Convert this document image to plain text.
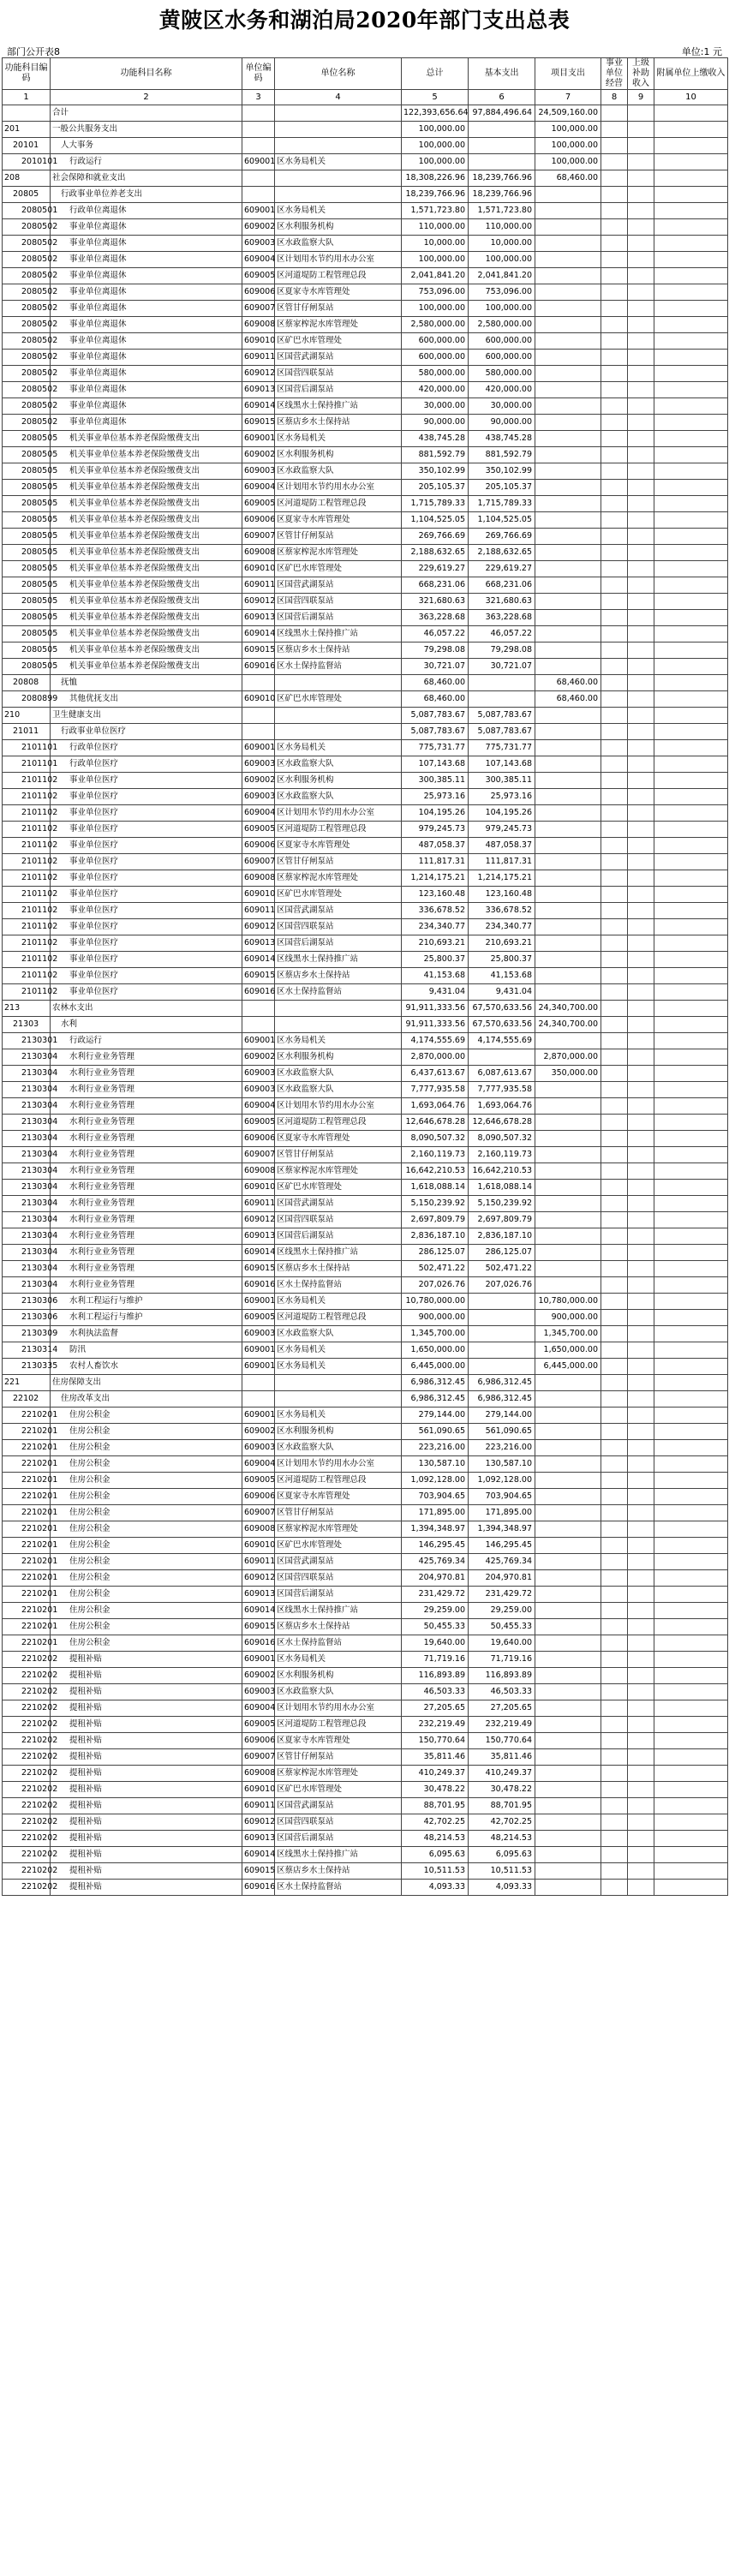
黄陂区水务和湖泊局2020年部门支出总表
部门公开表8	单位:1 元
功能科目编码	功能科目名称	单位编码	单位名称	总计	基本支出	项目支出	事业单位经营	上级补助收入	附属单位上缴收入
1	2	3	4	5	6	7	8	9	10
	合计			122,393,656.64	97,884,496.64	24,509,160.00			
201	一般公共服务支出			100,000.00		100,000.00			
20101	人大事务			100,000.00		100,000.00			
2010101	行政运行	609001	区水务局机关	100,000.00		100,000.00			
208	社会保障和就业支出			18,308,226.96	18,239,766.96	68,460.00			
20805	行政事业单位养老支出			18,239,766.96	18,239,766.96				
2080501	行政单位离退休	609001	区水务局机关	1,571,723.80	1,571,723.80				
2080502	事业单位离退休	609002	区水利服务机构	110,000.00	110,000.00				
2080502	事业单位离退休	609003	区水政监察大队	10,000.00	10,000.00				
2080502	事业单位离退休	609004	区计划用水节约用水办公室	100,000.00	100,000.00				
2080502	事业单位离退休	609005	区河道堤防工程管理总段	2,041,841.20	2,041,841.20				
2080502	事业单位离退休	609006	区夏家寺水库管理处	753,096.00	753,096.00				
2080502	事业单位离退休	609007	区管甘仔闸泵站	100,000.00	100,000.00				
2080502	事业单位离退休	609008	区蔡家榨泥水库管理处	2,580,000.00	2,580,000.00				
2080502	事业单位离退休	609010	区矿巴水库管理处	600,000.00	600,000.00				
2080502	事业单位离退休	609011	区国营武湖泵站	600,000.00	600,000.00				
2080502	事业单位离退休	609012	区国营四联泵站	580,000.00	580,000.00				
2080502	事业单位离退休	609013	区国营后湖泵站	420,000.00	420,000.00				
2080502	事业单位离退休	609014	区线黑水土保持推广站	30,000.00	30,000.00				
2080502	事业单位离退休	609015	区蔡店乡水土保持站	90,000.00	90,000.00				
2080505	机关事业单位基本养老保险缴费支出	609001	区水务局机关	438,745.28	438,745.28				
2080505	机关事业单位基本养老保险缴费支出	609002	区水利服务机构	881,592.79	881,592.79				
2080505	机关事业单位基本养老保险缴费支出	609003	区水政监察大队	350,102.99	350,102.99				
2080505	机关事业单位基本养老保险缴费支出	609004	区计划用水节约用水办公室	205,105.37	205,105.37				
2080505	机关事业单位基本养老保险缴费支出	609005	区河道堤防工程管理总段	1,715,789.33	1,715,789.33				
2080505	机关事业单位基本养老保险缴费支出	609006	区夏家寺水库管理处	1,104,525.05	1,104,525.05				
2080505	机关事业单位基本养老保险缴费支出	609007	区管甘仔闸泵站	269,766.69	269,766.69				
2080505	机关事业单位基本养老保险缴费支出	609008	区蔡家榨泥水库管理处	2,188,632.65	2,188,632.65				
2080505	机关事业单位基本养老保险缴费支出	609010	区矿巴水库管理处	229,619.27	229,619.27				
2080505	机关事业单位基本养老保险缴费支出	609011	区国营武湖泵站	668,231.06	668,231.06				
2080505	机关事业单位基本养老保险缴费支出	609012	区国营四联泵站	321,680.63	321,680.63				
2080505	机关事业单位基本养老保险缴费支出	609013	区国营后湖泵站	363,228.68	363,228.68				
2080505	机关事业单位基本养老保险缴费支出	609014	区线黑水土保持推广站	46,057.22	46,057.22				
2080505	机关事业单位基本养老保险缴费支出	609015	区蔡店乡水土保持站	79,298.08	79,298.08				
2080505	机关事业单位基本养老保险缴费支出	609016	区水土保持监督站	30,721.07	30,721.07				
20808	抚恤			68,460.00		68,460.00			
2080899	其他优抚支出	609010	区矿巴水库管理处	68,460.00		68,460.00			
210	卫生健康支出			5,087,783.67	5,087,783.67				
21011	行政事业单位医疗			5,087,783.67	5,087,783.67				
2101101	行政单位医疗	609001	区水务局机关	775,731.77	775,731.77				
2101101	行政单位医疗	609003	区水政监察大队	107,143.68	107,143.68				
2101102	事业单位医疗	609002	区水利服务机构	300,385.11	300,385.11				
2101102	事业单位医疗	609003	区水政监察大队	25,973.16	25,973.16				
2101102	事业单位医疗	609004	区计划用水节约用水办公室	104,195.26	104,195.26				
2101102	事业单位医疗	609005	区河道堤防工程管理总段	979,245.73	979,245.73				
2101102	事业单位医疗	609006	区夏家寺水库管理处	487,058.37	487,058.37				
2101102	事业单位医疗	609007	区管甘仔闸泵站	111,817.31	111,817.31				
2101102	事业单位医疗	609008	区蔡家榨泥水库管理处	1,214,175.21	1,214,175.21				
2101102	事业单位医疗	609010	区矿巴水库管理处	123,160.48	123,160.48				
2101102	事业单位医疗	609011	区国营武湖泵站	336,678.52	336,678.52				
2101102	事业单位医疗	609012	区国营四联泵站	234,340.77	234,340.77				
2101102	事业单位医疗	609013	区国营后湖泵站	210,693.21	210,693.21				
2101102	事业单位医疗	609014	区线黑水土保持推广站	25,800.37	25,800.37				
2101102	事业单位医疗	609015	区蔡店乡水土保持站	41,153.68	41,153.68				
2101102	事业单位医疗	609016	区水土保持监督站	9,431.04	9,431.04				
213	农林水支出			91,911,333.56	67,570,633.56	24,340,700.00			
21303	水利			91,911,333.56	67,570,633.56	24,340,700.00			
2130301	行政运行	609001	区水务局机关	4,174,555.69	4,174,555.69				
2130304	水利行业业务管理	609002	区水利服务机构	2,870,000.00		2,870,000.00			
2130304	水利行业业务管理	609003	区水政监察大队	6,437,613.67	6,087,613.67	350,000.00			
2130304	水利行业业务管理	609003	区水政监察大队	7,777,935.58	7,777,935.58				
2130304	水利行业业务管理	609004	区计划用水节约用水办公室	1,693,064.76	1,693,064.76				
2130304	水利行业业务管理	609005	区河道堤防工程管理总段	12,646,678.28	12,646,678.28				
2130304	水利行业业务管理	609006	区夏家寺水库管理处	8,090,507.32	8,090,507.32				
2130304	水利行业业务管理	609007	区管甘仔闸泵站	2,160,119.73	2,160,119.73				
2130304	水利行业业务管理	609008	区蔡家榨泥水库管理处	16,642,210.53	16,642,210.53				
2130304	水利行业业务管理	609010	区矿巴水库管理处	1,618,088.14	1,618,088.14				
2130304	水利行业业务管理	609011	区国营武湖泵站	5,150,239.92	5,150,239.92				
2130304	水利行业业务管理	609012	区国营四联泵站	2,697,809.79	2,697,809.79				
2130304	水利行业业务管理	609013	区国营后湖泵站	2,836,187.10	2,836,187.10				
2130304	水利行业业务管理	609014	区线黑水土保持推广站	286,125.07	286,125.07				
2130304	水利行业业务管理	609015	区蔡店乡水土保持站	502,471.22	502,471.22				
2130304	水利行业业务管理	609016	区水土保持监督站	207,026.76	207,026.76				
2130306	水利工程运行与维护	609001	区水务局机关	10,780,000.00		10,780,000.00			
2130306	水利工程运行与维护	609005	区河道堤防工程管理总段	900,000.00		900,000.00			
2130309	水利执法监督	609003	区水政监察大队	1,345,700.00		1,345,700.00			
2130314	防汛	609001	区水务局机关	1,650,000.00		1,650,000.00			
2130335	农村人畜饮水	609001	区水务局机关	6,445,000.00		6,445,000.00			
221	住房保障支出			6,986,312.45	6,986,312.45				
22102	住房改革支出			6,986,312.45	6,986,312.45				
2210201	住房公积金	609001	区水务局机关	279,144.00	279,144.00				
2210201	住房公积金	609002	区水利服务机构	561,090.65	561,090.65				
2210201	住房公积金	609003	区水政监察大队	223,216.00	223,216.00				
2210201	住房公积金	609004	区计划用水节约用水办公室	130,587.10	130,587.10				
2210201	住房公积金	609005	区河道堤防工程管理总段	1,092,128.00	1,092,128.00				
2210201	住房公积金	609006	区夏家寺水库管理处	703,904.65	703,904.65				
2210201	住房公积金	609007	区管甘仔闸泵站	171,895.00	171,895.00				
2210201	住房公积金	609008	区蔡家榨泥水库管理处	1,394,348.97	1,394,348.97				
2210201	住房公积金	609010	区矿巴水库管理处	146,295.45	146,295.45				
2210201	住房公积金	609011	区国营武湖泵站	425,769.34	425,769.34				
2210201	住房公积金	609012	区国营四联泵站	204,970.81	204,970.81				
2210201	住房公积金	609013	区国营后湖泵站	231,429.72	231,429.72				
2210201	住房公积金	609014	区线黑水土保持推广站	29,259.00	29,259.00				
2210201	住房公积金	609015	区蔡店乡水土保持站	50,455.33	50,455.33				
2210201	住房公积金	609016	区水土保持监督站	19,640.00	19,640.00				
2210202	提租补贴	609001	区水务局机关	71,719.16	71,719.16				
2210202	提租补贴	609002	区水利服务机构	116,893.89	116,893.89				
2210202	提租补贴	609003	区水政监察大队	46,503.33	46,503.33				
2210202	提租补贴	609004	区计划用水节约用水办公室	27,205.65	27,205.65				
2210202	提租补贴	609005	区河道堤防工程管理总段	232,219.49	232,219.49				
2210202	提租补贴	609006	区夏家寺水库管理处	150,770.64	150,770.64				
2210202	提租补贴	609007	区管甘仔闸泵站	35,811.46	35,811.46				
2210202	提租补贴	609008	区蔡家榨泥水库管理处	410,249.37	410,249.37				
2210202	提租补贴	609010	区矿巴水库管理处	30,478.22	30,478.22				
2210202	提租补贴	609011	区国营武湖泵站	88,701.95	88,701.95				
2210202	提租补贴	609012	区国营四联泵站	42,702.25	42,702.25				
2210202	提租补贴	609013	区国营后湖泵站	48,214.53	48,214.53				
2210202	提租补贴	609014	区线黑水土保持推广站	6,095.63	6,095.63				
2210202	提租补贴	609015	区蔡店乡水土保持站	10,511.53	10,511.53				
2210202	提租补贴	609016	区水土保持监督站	4,093.33	4,093.33				
